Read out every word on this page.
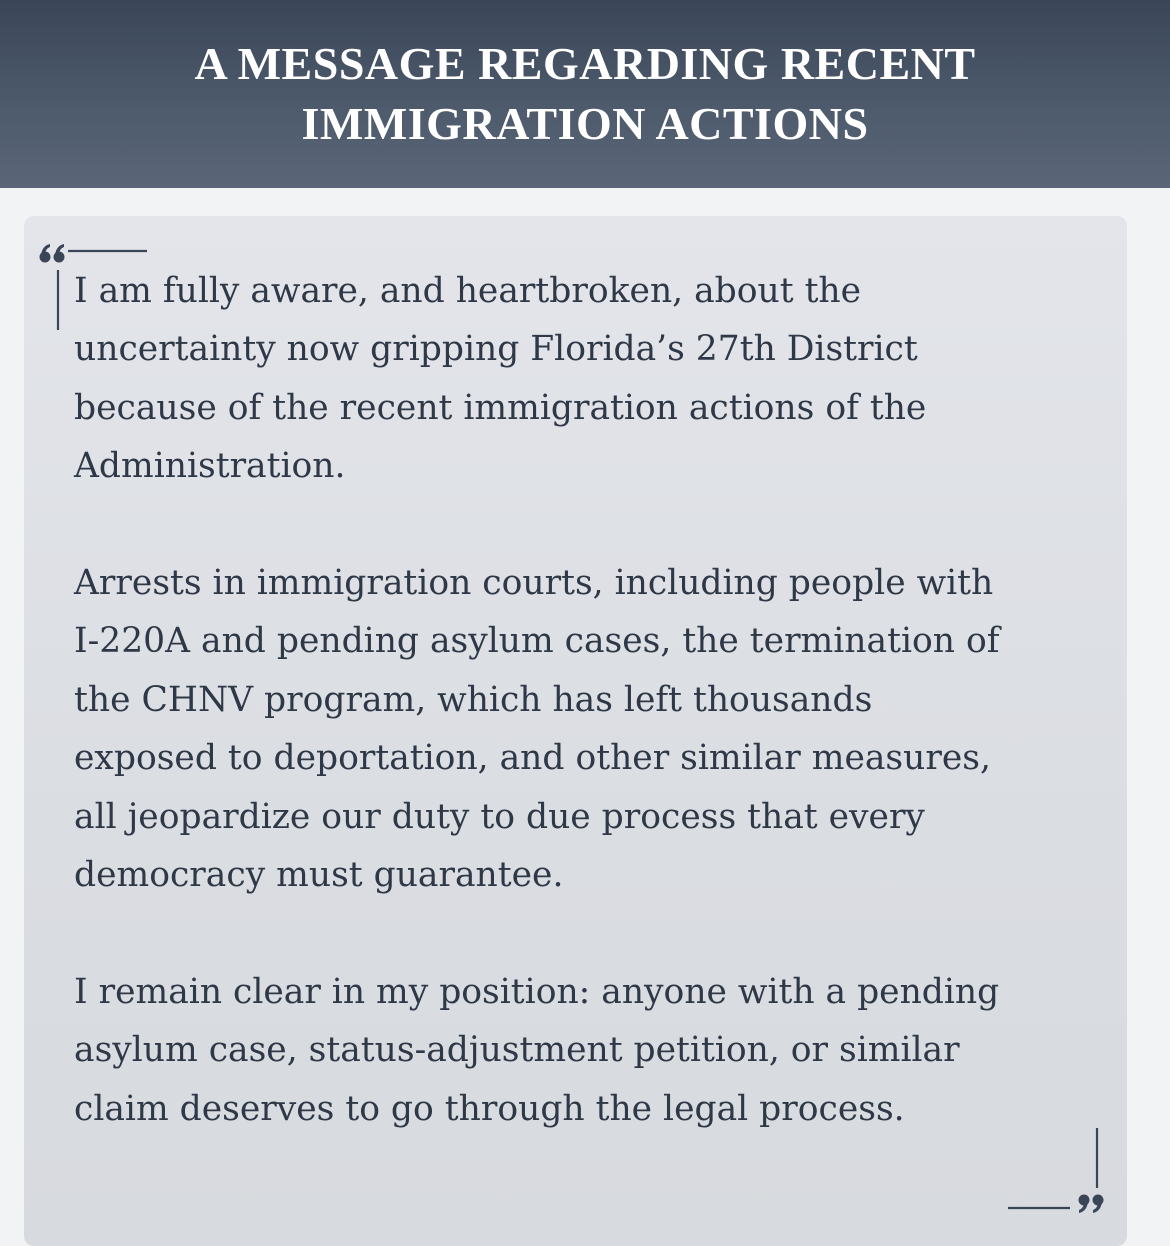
A MESSAGE REGARDING RECENT
IMMIGRATION ACTIONS
I am fully aware, and heartbroken, about the
uncertainty now gripping Florida’s 27th District
because of the recent immigration actions of the
Administration.
Arrests in immigration courts, including people with
I-220A and pending asylum cases, the termination of
the CHNV program, which has left thousands
exposed to deportation, and other similar measures,
all jeopardize our duty to due process that every
democracy must guarantee.
I remain clear in my position: anyone with a pending
asylum case, status-adjustment petition, or similar
claim deserves to go through the legal process.
